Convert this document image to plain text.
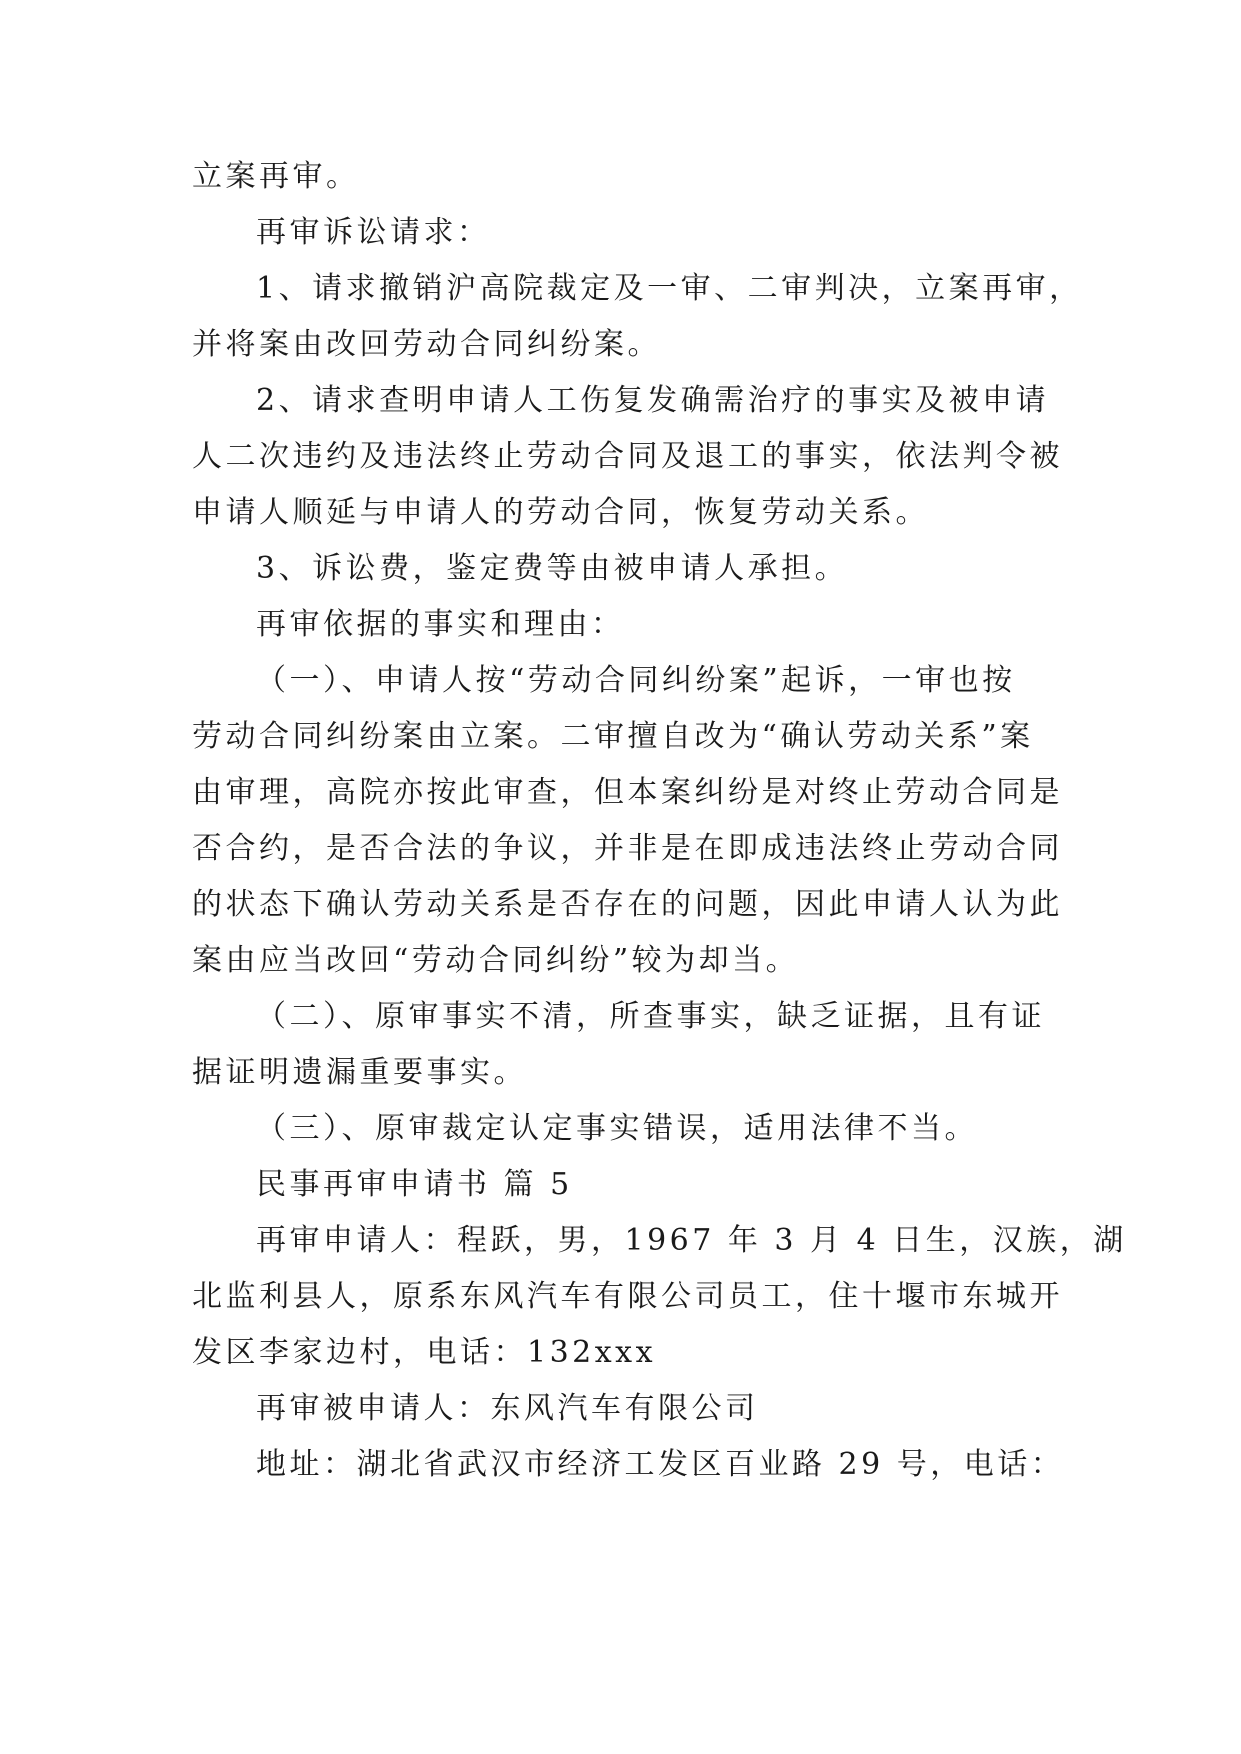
立案再审。
再审诉讼请求：
1、请求撤销沪高院裁定及一审、二审判决，立案再审，
并将案由改回劳动合同纠纷案。
2、请求查明申请人工伤复发确需治疗的事实及被申请
人二次违约及违法终止劳动合同及退工的事实，依法判令被
申请人顺延与申请人的劳动合同，恢复劳动关系。
3、诉讼费，鉴定费等由被申请人承担。
再审依据的事实和理由：
（一）、申请人按“劳动合同纠纷案”起诉，一审也按
劳动合同纠纷案由立案。二审擅自改为“确认劳动关系”案
由审理，高院亦按此审查，但本案纠纷是对终止劳动合同是
否合约，是否合法的争议，并非是在即成违法终止劳动合同
的状态下确认劳动关系是否存在的问题，因此申请人认为此
案由应当改回“劳动合同纠纷”较为却当。
（二）、原审事实不清，所查事实，缺乏证据，且有证
据证明遗漏重要事实。
（三）、原审裁定认定事实错误，适用法律不当。
民事再审申请书 篇 5
再审申请人：程跃，男，1967 年 3 月 4 日生，汉族，湖
北监利县人，原系东风汽车有限公司员工，住十堰市东城开
发区李家边村，电话：132xxx
再审被申请人：东风汽车有限公司
地址：湖北省武汉市经济工发区百业路 29 号，电话：
